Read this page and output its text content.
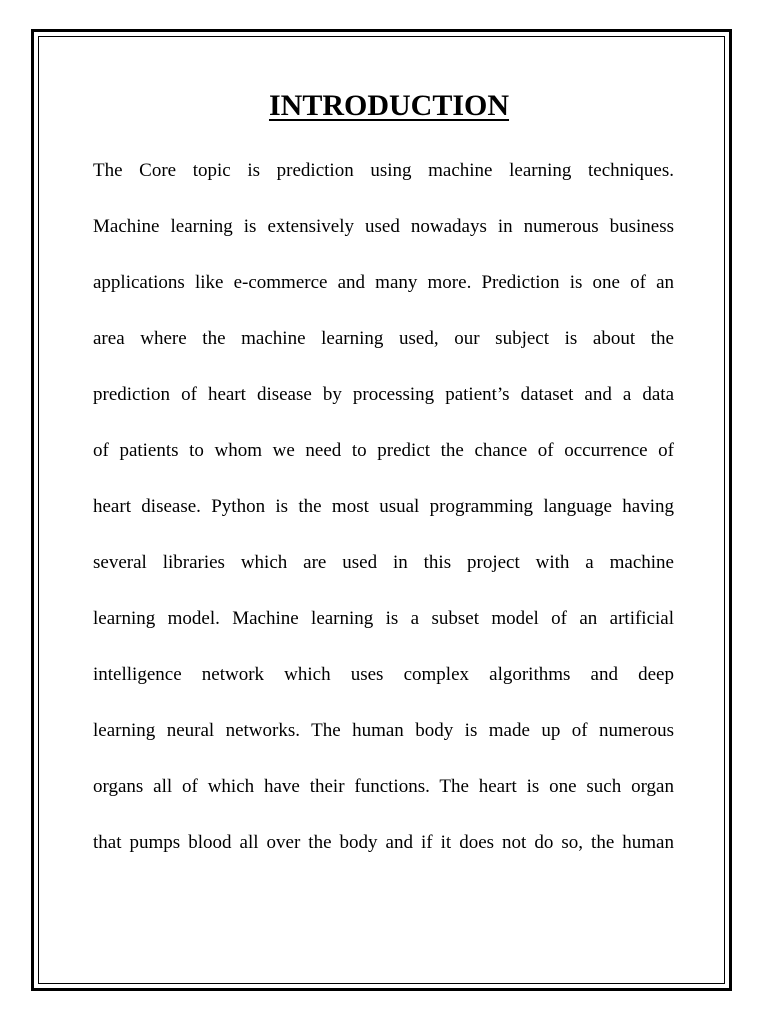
INTRODUCTION
The Core topic is prediction using machine learning techniques.
Machine learning is extensively used nowadays in numerous business
applications like e-commerce and many more. Prediction is one of an
area where the machine learning used, our subject is about the
prediction of heart disease by processing patient’s dataset and a data
of patients to whom we need to predict the chance of occurrence of
heart disease. Python is the most usual programming language having
several libraries which are used in this project with a machine
learning model. Machine learning is a subset model of an artificial
intelligence network which uses complex algorithms and deep
learning neural networks. The human body is made up of numerous
organs all of which have their functions. The heart is one such organ
that pumps blood all over the body and if it does not do so, the human
